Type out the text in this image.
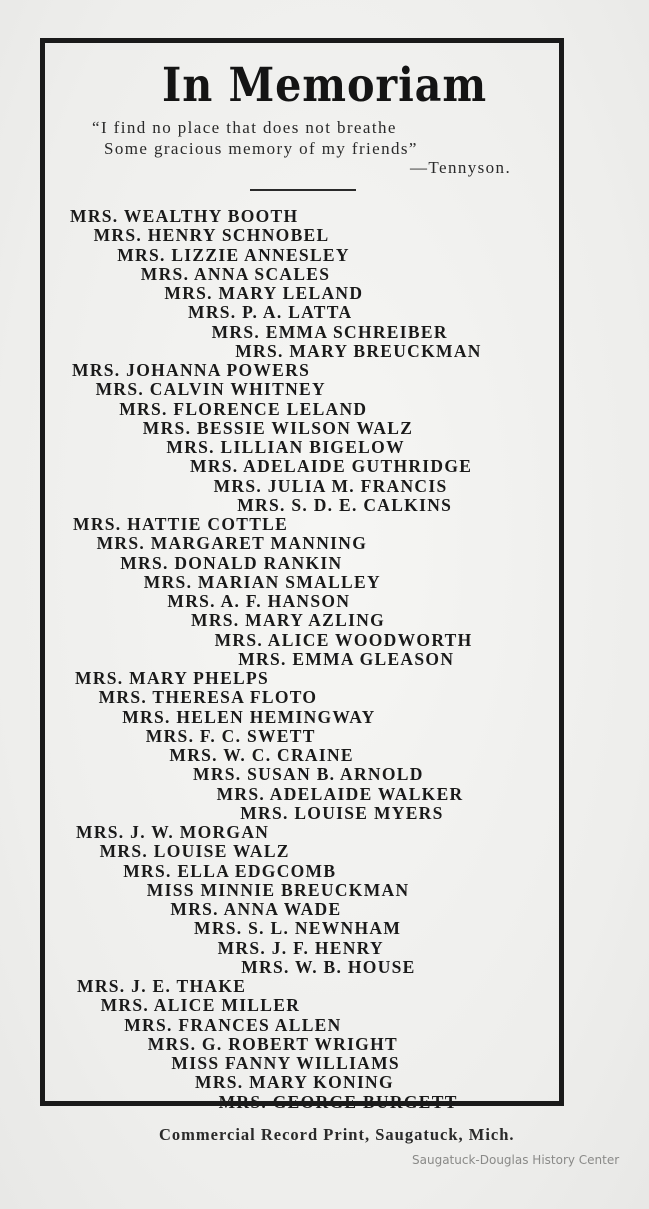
In Memoriam
“I find no place that does not breathe
Some gracious memory of my friends”
—Tennyson.
MRS. WEALTHY BOOTH
MRS. HENRY SCHNOBEL
MRS. LIZZIE ANNESLEY
MRS. ANNA SCALES
MRS. MARY LELAND
MRS. P. A. LATTA
MRS. EMMA SCHREIBER
MRS. MARY BREUCKMAN
MRS. JOHANNA POWERS
MRS. CALVIN WHITNEY
MRS. FLORENCE LELAND
MRS. BESSIE WILSON WALZ
MRS. LILLIAN BIGELOW
MRS. ADELAIDE GUTHRIDGE
MRS. JULIA M. FRANCIS
MRS. S. D. E. CALKINS
MRS. HATTIE COTTLE
MRS. MARGARET MANNING
MRS. DONALD RANKIN
MRS. MARIAN SMALLEY
MRS. A. F. HANSON
MRS. MARY AZLING
MRS. ALICE WOODWORTH
MRS. EMMA GLEASON
MRS. MARY PHELPS
MRS. THERESA FLOTO
MRS. HELEN HEMINGWAY
MRS. F. C. SWETT
MRS. W. C. CRAINE
MRS. SUSAN B. ARNOLD
MRS. ADELAIDE WALKER
MRS. LOUISE MYERS
MRS. J. W. MORGAN
MRS. LOUISE WALZ
MRS. ELLA EDGCOMB
MISS MINNIE BREUCKMAN
MRS. ANNA WADE
MRS. S. L. NEWNHAM
MRS. J. F. HENRY
MRS. W. B. HOUSE
MRS. J. E. THAKE
MRS. ALICE MILLER
MRS. FRANCES ALLEN
MRS. G. ROBERT WRIGHT
MISS FANNY WILLIAMS
MRS. MARY KONING
MRS. GEORGE BURGETT
Commercial Record Print, Saugatuck, Mich.
Saugatuck-Douglas History Center
